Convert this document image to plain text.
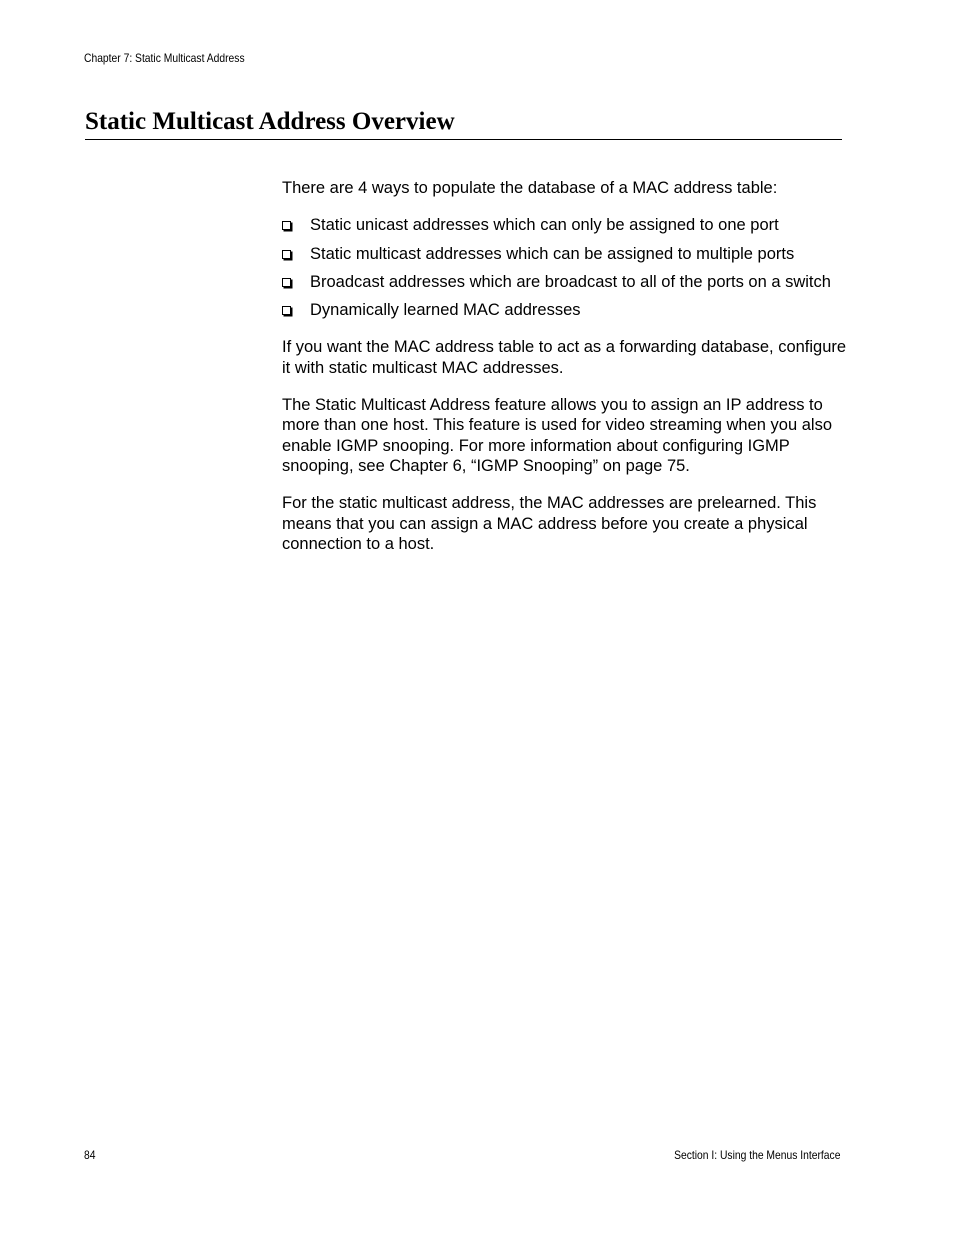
Chapter 7: Static Multicast Address
Static Multicast Address Overview

There are 4 ways to populate the database of a MAC address table:

Static unicast addresses which can only be assigned to one port
Static multicast addresses which can be assigned to multiple ports
Broadcast addresses which are broadcast to all of the ports on a switch
Dynamically learned MAC addresses

If you want the MAC address table to act as a forwarding database, configure it with static multicast MAC addresses.

The Static Multicast Address feature allows you to assign an IP address to more than one host. This feature is used for video streaming when you also enable IGMP snooping. For more information about configuring IGMP snooping, see Chapter 6, “IGMP Snooping” on page 75.

For the static multicast address, the MAC addresses are prelearned. This means that you can assign a MAC address before you create a physical connection to a host.

84	Section I: Using the Menus Interface
